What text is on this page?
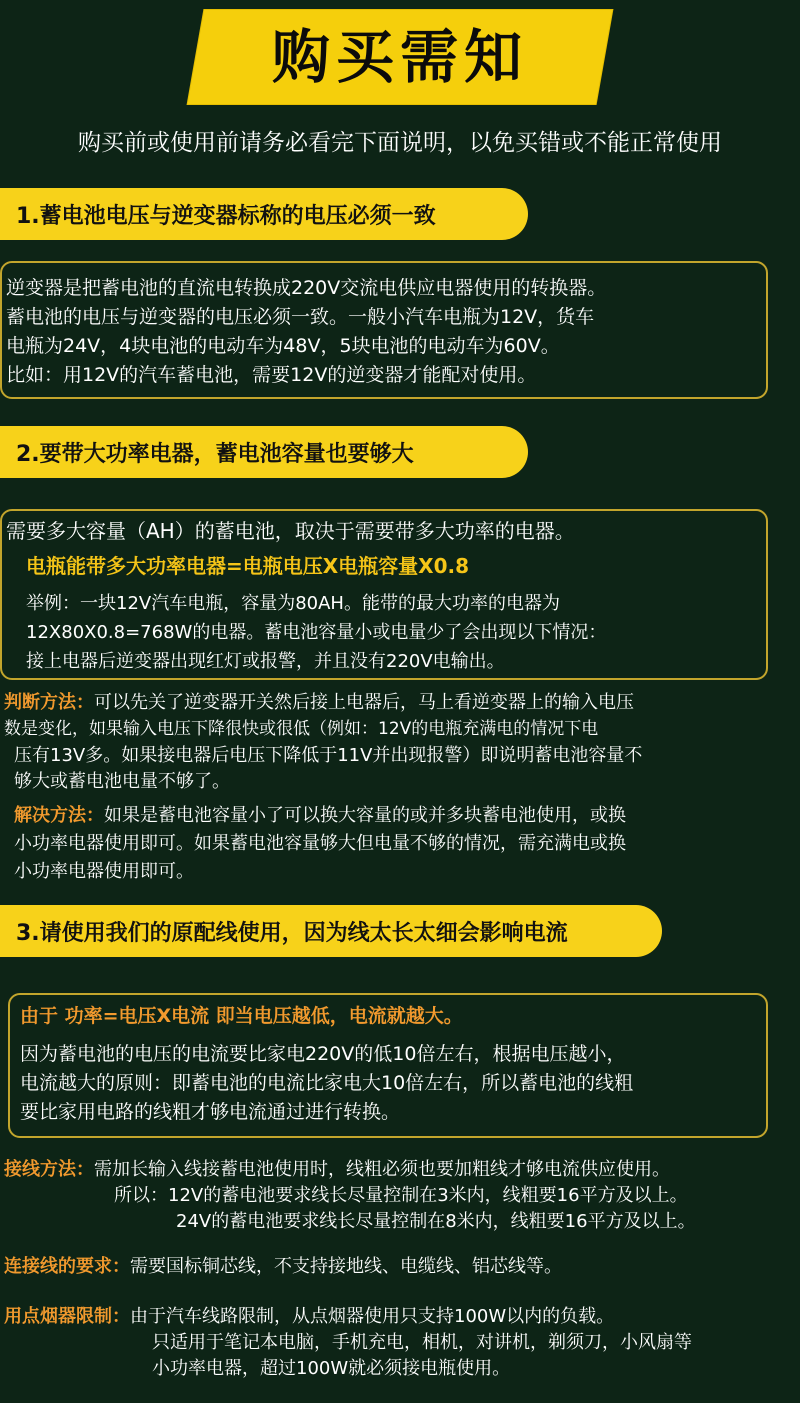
购买需知
购买前或使用前请务必看完下面说明，以免买错或不能正常使用
1.蓄电池电压与逆变器标称的电压必须一致
逆变器是把蓄电池的直流电转换成220V交流电供应电器使用的转换器。
蓄电池的电压与逆变器的电压必须一致。一般小汽车电瓶为12V，货车
电瓶为24V，4块电池的电动车为48V，5块电池的电动车为60V。
比如：用12V的汽车蓄电池，需要12V的逆变器才能配对使用。
2.要带大功率电器，蓄电池容量也要够大
需要多大容量（AH）的蓄电池，取决于需要带多大功率的电器。
电瓶能带多大功率电器=电瓶电压X电瓶容量X0.8
举例：一块12V汽车电瓶，容量为80AH。能带的最大功率的电器为
12X80X0.8=768W的电器。蓄电池容量小或电量少了会出现以下情况：
接上电器后逆变器出现红灯或报警，并且没有220V电输出。
判断方法：可以先关了逆变器开关然后接上电器后，马上看逆变器上的输入电压
数是变化，如果输入电压下降很快或很低（例如：12V的电瓶充满电的情况下电
压有13V多。如果接电器后电压下降低于11V并出现报警）即说明蓄电池容量不
够大或蓄电池电量不够了。
解决方法：如果是蓄电池容量小了可以换大容量的或并多块蓄电池使用，或换
小功率电器使用即可。如果蓄电池容量够大但电量不够的情况，需充满电或换
小功率电器使用即可。
3.请使用我们的原配线使用，因为线太长太细会影响电流
由于 功率=电压X电流 即当电压越低，电流就越大。
因为蓄电池的电压的电流要比家电220V的低10倍左右，根据电压越小，
电流越大的原则：即蓄电池的电流比家电大10倍左右，所以蓄电池的线粗
要比家用电路的线粗才够电流通过进行转换。
接线方法：需加长输入线接蓄电池使用时，线粗必须也要加粗线才够电流供应使用。
所以：12V的蓄电池要求线长尽量控制在3米内，线粗要16平方及以上。
24V的蓄电池要求线长尽量控制在8米内，线粗要16平方及以上。
连接线的要求：需要国标铜芯线，不支持接地线、电缆线、铝芯线等。
用点烟器限制：由于汽车线路限制，从点烟器使用只支持100W以内的负载。
只适用于笔记本电脑，手机充电，相机，对讲机，剃须刀，小风扇等
小功率电器，超过100W就必须接电瓶使用。
